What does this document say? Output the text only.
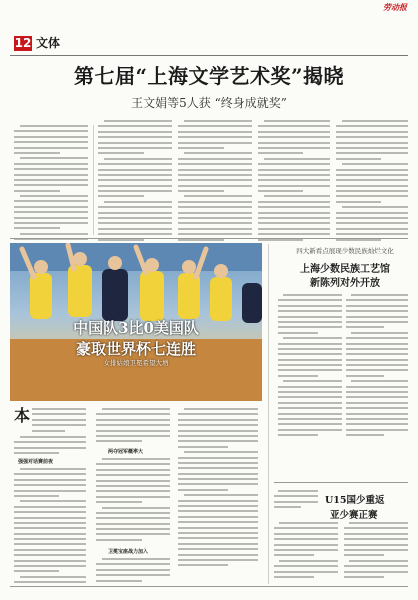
劳动报
12 文体
第七届“上海文学艺术奖”揭晓
王文娟等5人获 “终身成就奖”
中国队3比0美国队
豪取世界杯七连胜
女排姑娘卫冕希望大增
本
强强对话赛前夜
两夺冠军概率大
卫冕宝座战力加入
四大新看点展现少数民族灿烂文化
上海少数民族工艺馆
新陈列对外开放
U15国少重返
亚少赛正赛
